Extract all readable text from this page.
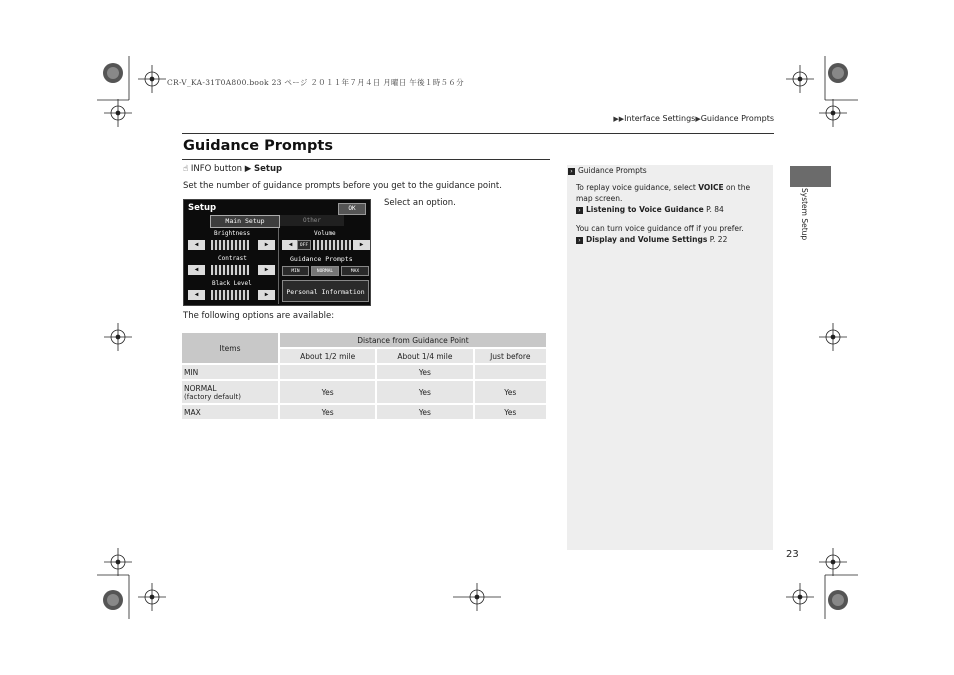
CR-V_KA-31T0A800.book 23 ページ ２０１１年７月４日 月曜日 午後１時５６分
▶▶Interface Settings▶Guidance Prompts
Guidance Prompts
☝ INFO button ▶ Setup
Set the number of guidance prompts before you get to the guidance point.
Setup	OK
Main Setup	Other
Brightness
◀	▶
Contrast
◀	▶
Black Level
◀	▶
Volume
◀	OFF	▶
Guidance Prompts
MIN	NORMAL	MAX
Personal Information
Select an option.
The following options are available:
Items	Distance from Guidance Point		
	About 1/2 mile	About 1/4 mile	Just before
MIN		Yes	

NORMAL
(factory default)	Yes	Yes	Yes
MAX	Yes	Yes	Yes
› Guidance Prompts
To replay voice guidance, select VOICE on the map screen.
› Listening to Voice Guidance P. 84
You can turn voice guidance off if you prefer.
› Display and Volume Settings P. 22	System Setup
23
